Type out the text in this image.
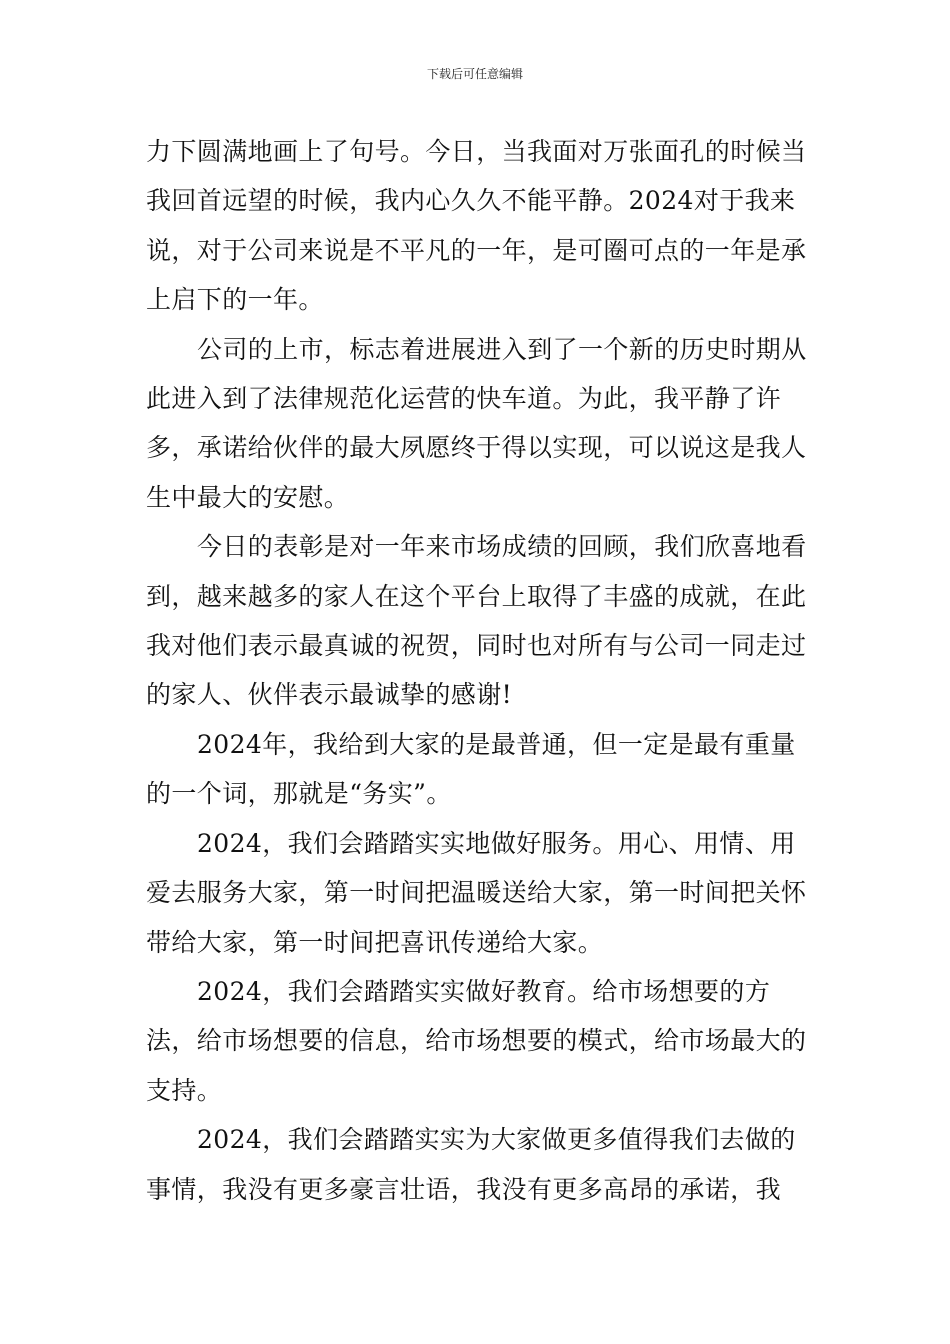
下载后可任意编辑

力下圆满地画上了句号。今日，当我面对万张面孔的时候当我回首远望的时候，我内心久久不能平静。2024对于我来说，对于公司来说是不平凡的一年，是可圈可点的一年是承上启下的一年。

公司的上市，标志着进展进入到了一个新的历史时期从此进入到了法律规范化运营的快车道。为此，我平静了许多，承诺给伙伴的最大夙愿终于得以实现，可以说这是我人生中最大的安慰。

今日的表彰是对一年来市场成绩的回顾，我们欣喜地看到，越来越多的家人在这个平台上取得了丰盛的成就，在此我对他们表示最真诚的祝贺，同时也对所有与公司一同走过的家人、伙伴表示最诚挚的感谢!

2024年，我给到大家的是最普通，但一定是最有重量的一个词，那就是“务实”。

2024，我们会踏踏实实地做好服务。用心、用情、用爱去服务大家，第一时间把温暖送给大家，第一时间把关怀带给大家，第一时间把喜讯传递给大家。

2024，我们会踏踏实实做好教育。给市场想要的方法，给市场想要的信息，给市场想要的模式，给市场最大的支持。

2024，我们会踏踏实实为大家做更多值得我们去做的事情，我没有更多豪言壮语，我没有更多高昂的承诺，我
